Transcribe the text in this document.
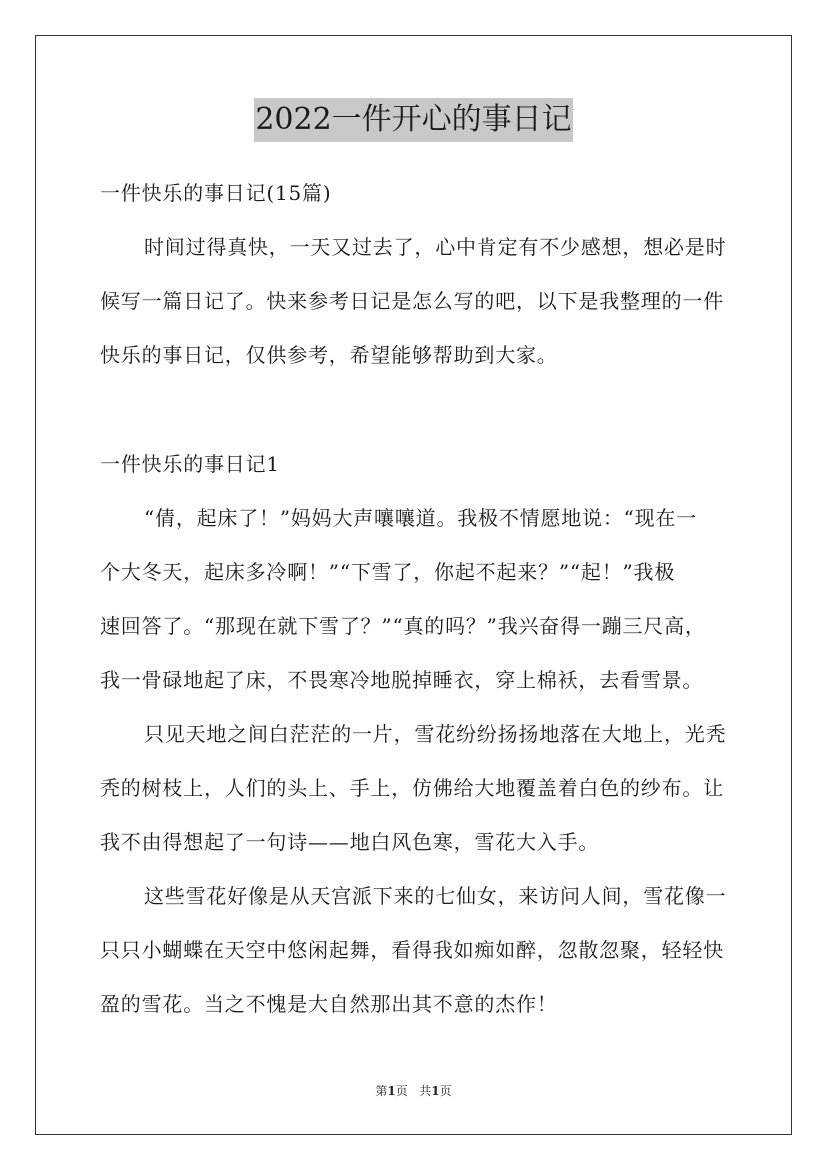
2022一件开心的事日记
一件快乐的事日记(15篇)
时间过得真快，一天又过去了，心中肯定有不少感想，想必是时
候写一篇日记了。快来参考日记是怎么写的吧，以下是我整理的一件
快乐的事日记，仅供参考，希望能够帮助到大家。
一件快乐的事日记1
“倩，起床了！”妈妈大声嚷嚷道。我极不情愿地说：“现在一
个大冬天，起床多冷啊！”“下雪了，你起不起来？”“起！”我极
速回答了。“那现在就下雪了？”“真的吗？”我兴奋得一蹦三尺高，
我一骨碌地起了床，不畏寒冷地脱掉睡衣，穿上棉袄，去看雪景。
只见天地之间白茫茫的一片，雪花纷纷扬扬地落在大地上，光秃
秃的树枝上，人们的头上、手上，仿佛给大地覆盖着白色的纱布。让
我不由得想起了一句诗——地白风色寒，雪花大入手。
这些雪花好像是从天宫派下来的七仙女，来访问人间，雪花像一
只只小蝴蝶在天空中悠闲起舞，看得我如痴如醉，忽散忽聚，轻轻快
盈的雪花。当之不愧是大自然那出其不意的杰作！
第1页 共1页
